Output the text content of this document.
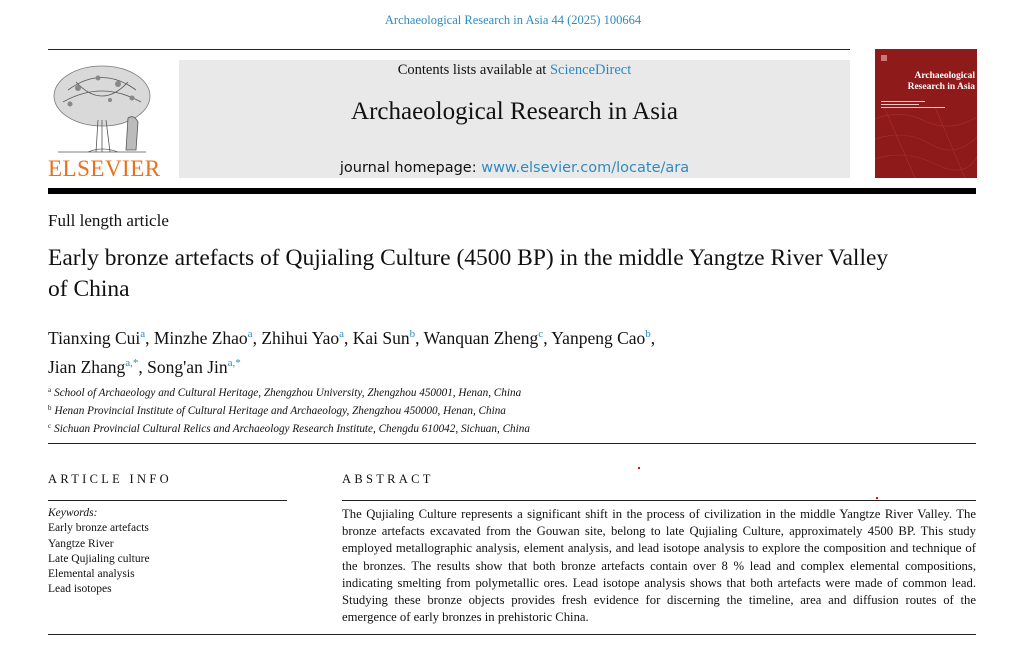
Archaeological Research in Asia 44 (2025) 100664
ELSEVIER
Contents lists available at ScienceDirect
Archaeological Research in Asia
journal homepage: www.elsevier.com/locate/ara
Archaeological Research in Asia
Full length article
Early bronze artefacts of Qujialing Culture (4500 BP) in the middle Yangtze River Valley of China
Tianxing Cui$^a$, Minzhe Zhao$^a$, Zhihui Yao$^a$, Kai Sun$^b$, Wanquan Zheng$^c$, Yanpeng Cao$^b$,
Jian Zhang$^{a,*}$, Song'an Jin$^{a,*}$
$^a$ School of Archaeology and Cultural Heritage, Zhengzhou University, Zhengzhou 450001, Henan, China
$^b$ Henan Provincial Institute of Cultural Heritage and Archaeology, Zhengzhou 450000, Henan, China
$^c$ Sichuan Provincial Cultural Relics and Archaeology Research Institute, Chengdu 610042, Sichuan, China
ARTICLE INFO	ABSTRACT
Keywords:
Early bronze artefacts
Yangtze River
Late Qujialing culture
Elemental analysis
Lead isotopes
The Qujialing Culture represents a significant shift in the process of civilization in the middle Yangtze River Valley. The bronze artefacts excavated from the Gouwan site, belong to late Qujialing Culture, approximately 4500 BP. This study employed metallographic analysis, element analysis, and lead isotope analysis to explore the composition and technique of the bronzes. The results show that both bronze artefacts contain over 8 % lead and complex elemental compositions, indicating smelting from polymetallic ores. Lead isotope analysis shows that both artefacts were made of common lead. Studying these bronze objects provides fresh evidence for discerning the timeline, area and diffusion routes of the emergence of early bronzes in prehistoric China.
